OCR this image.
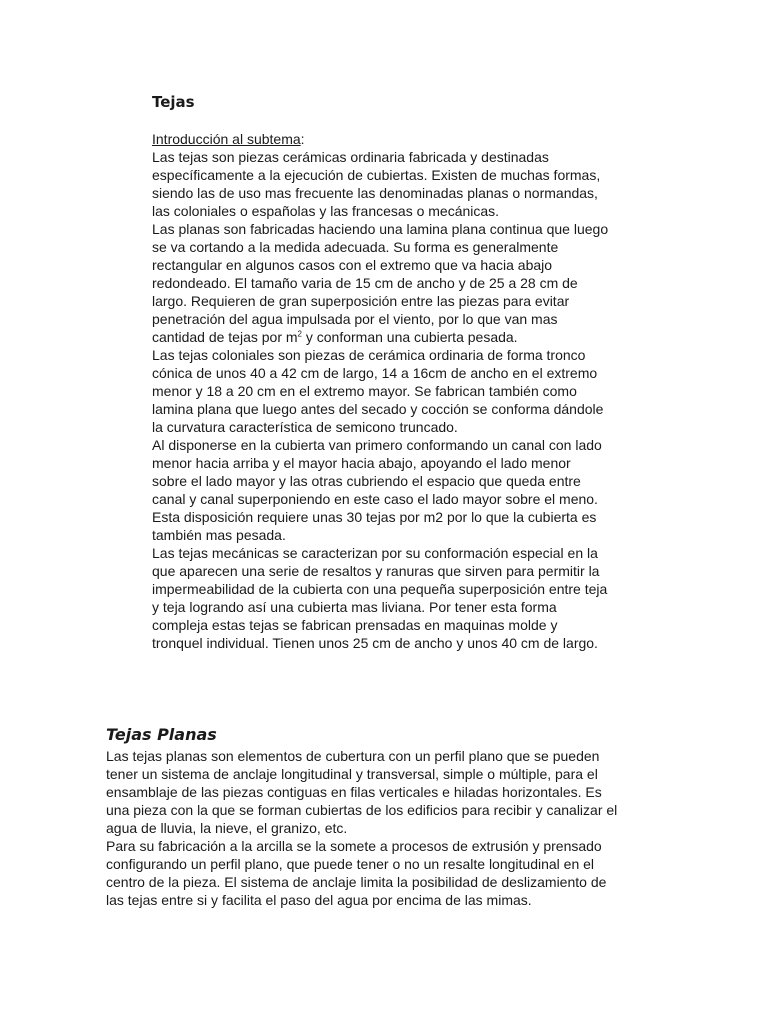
Tejas

Introducción al subtema:

Las tejas son piezas cerámicas ordinaria fabricada y destinadas
específicamente a la ejecución de cubiertas. Existen de muchas formas,
siendo las de uso mas frecuente las denominadas planas o normandas,
las coloniales o españolas y las francesas o mecánicas.

Las planas son fabricadas haciendo una lamina plana continua que luego
se va cortando a la medida adecuada. Su forma es generalmente
rectangular en algunos casos con el extremo que va hacia abajo
redondeado. El tamaño varia de 15 cm de ancho y de 25 a 28 cm de
largo. Requieren de gran superposición entre las piezas para evitar
penetración del agua impulsada por el viento, por lo que van mas
cantidad de tejas por $m^2$ y conforman una cubierta pesada.

Las tejas coloniales son piezas de cerámica ordinaria de forma tronco
cónica de unos 40 a 42 cm de largo, 14 a 16cm de ancho en el extremo
menor y 18 a 20 cm en el extremo mayor. Se fabrican también como
lamina plana que luego antes del secado y cocción se conforma dándole
la curvatura característica de semicono truncado.

Al disponerse en la cubierta van primero conformando un canal con lado
menor hacia arriba y el mayor hacia abajo, apoyando el lado menor
sobre el lado mayor y las otras cubriendo el espacio que queda entre
canal y canal superponiendo en este caso el lado mayor sobre el meno.
Esta disposición requiere unas 30 tejas por m2 por lo que la cubierta es
también mas pesada.

Las tejas mecánicas se caracterizan por su conformación especial en la
que aparecen una serie de resaltos y ranuras que sirven para permitir la
impermeabilidad de la cubierta con una pequeña superposición entre teja
y teja logrando así una cubierta mas liviana. Por tener esta forma
compleja estas tejas se fabrican prensadas en maquinas molde y
tronquel individual. Tienen unos 25 cm de ancho y unos 40 cm de largo.

Tejas Planas

Las tejas planas son elementos de cubertura con un perfil plano que se pueden
tener un sistema de anclaje longitudinal y transversal, simple o múltiple, para el
ensamblaje de las piezas contiguas en filas verticales e hiladas horizontales. Es
una pieza con la que se forman cubiertas de los edificios para recibir y canalizar el
agua de lluvia, la nieve, el granizo, etc.

Para su fabricación a la arcilla se la somete a procesos de extrusión y prensado
configurando un perfil plano, que puede tener o no un resalte longitudinal en el
centro de la pieza. El sistema de anclaje limita la posibilidad de deslizamiento de
las tejas entre si y facilita el paso del agua por encima de las mimas.
